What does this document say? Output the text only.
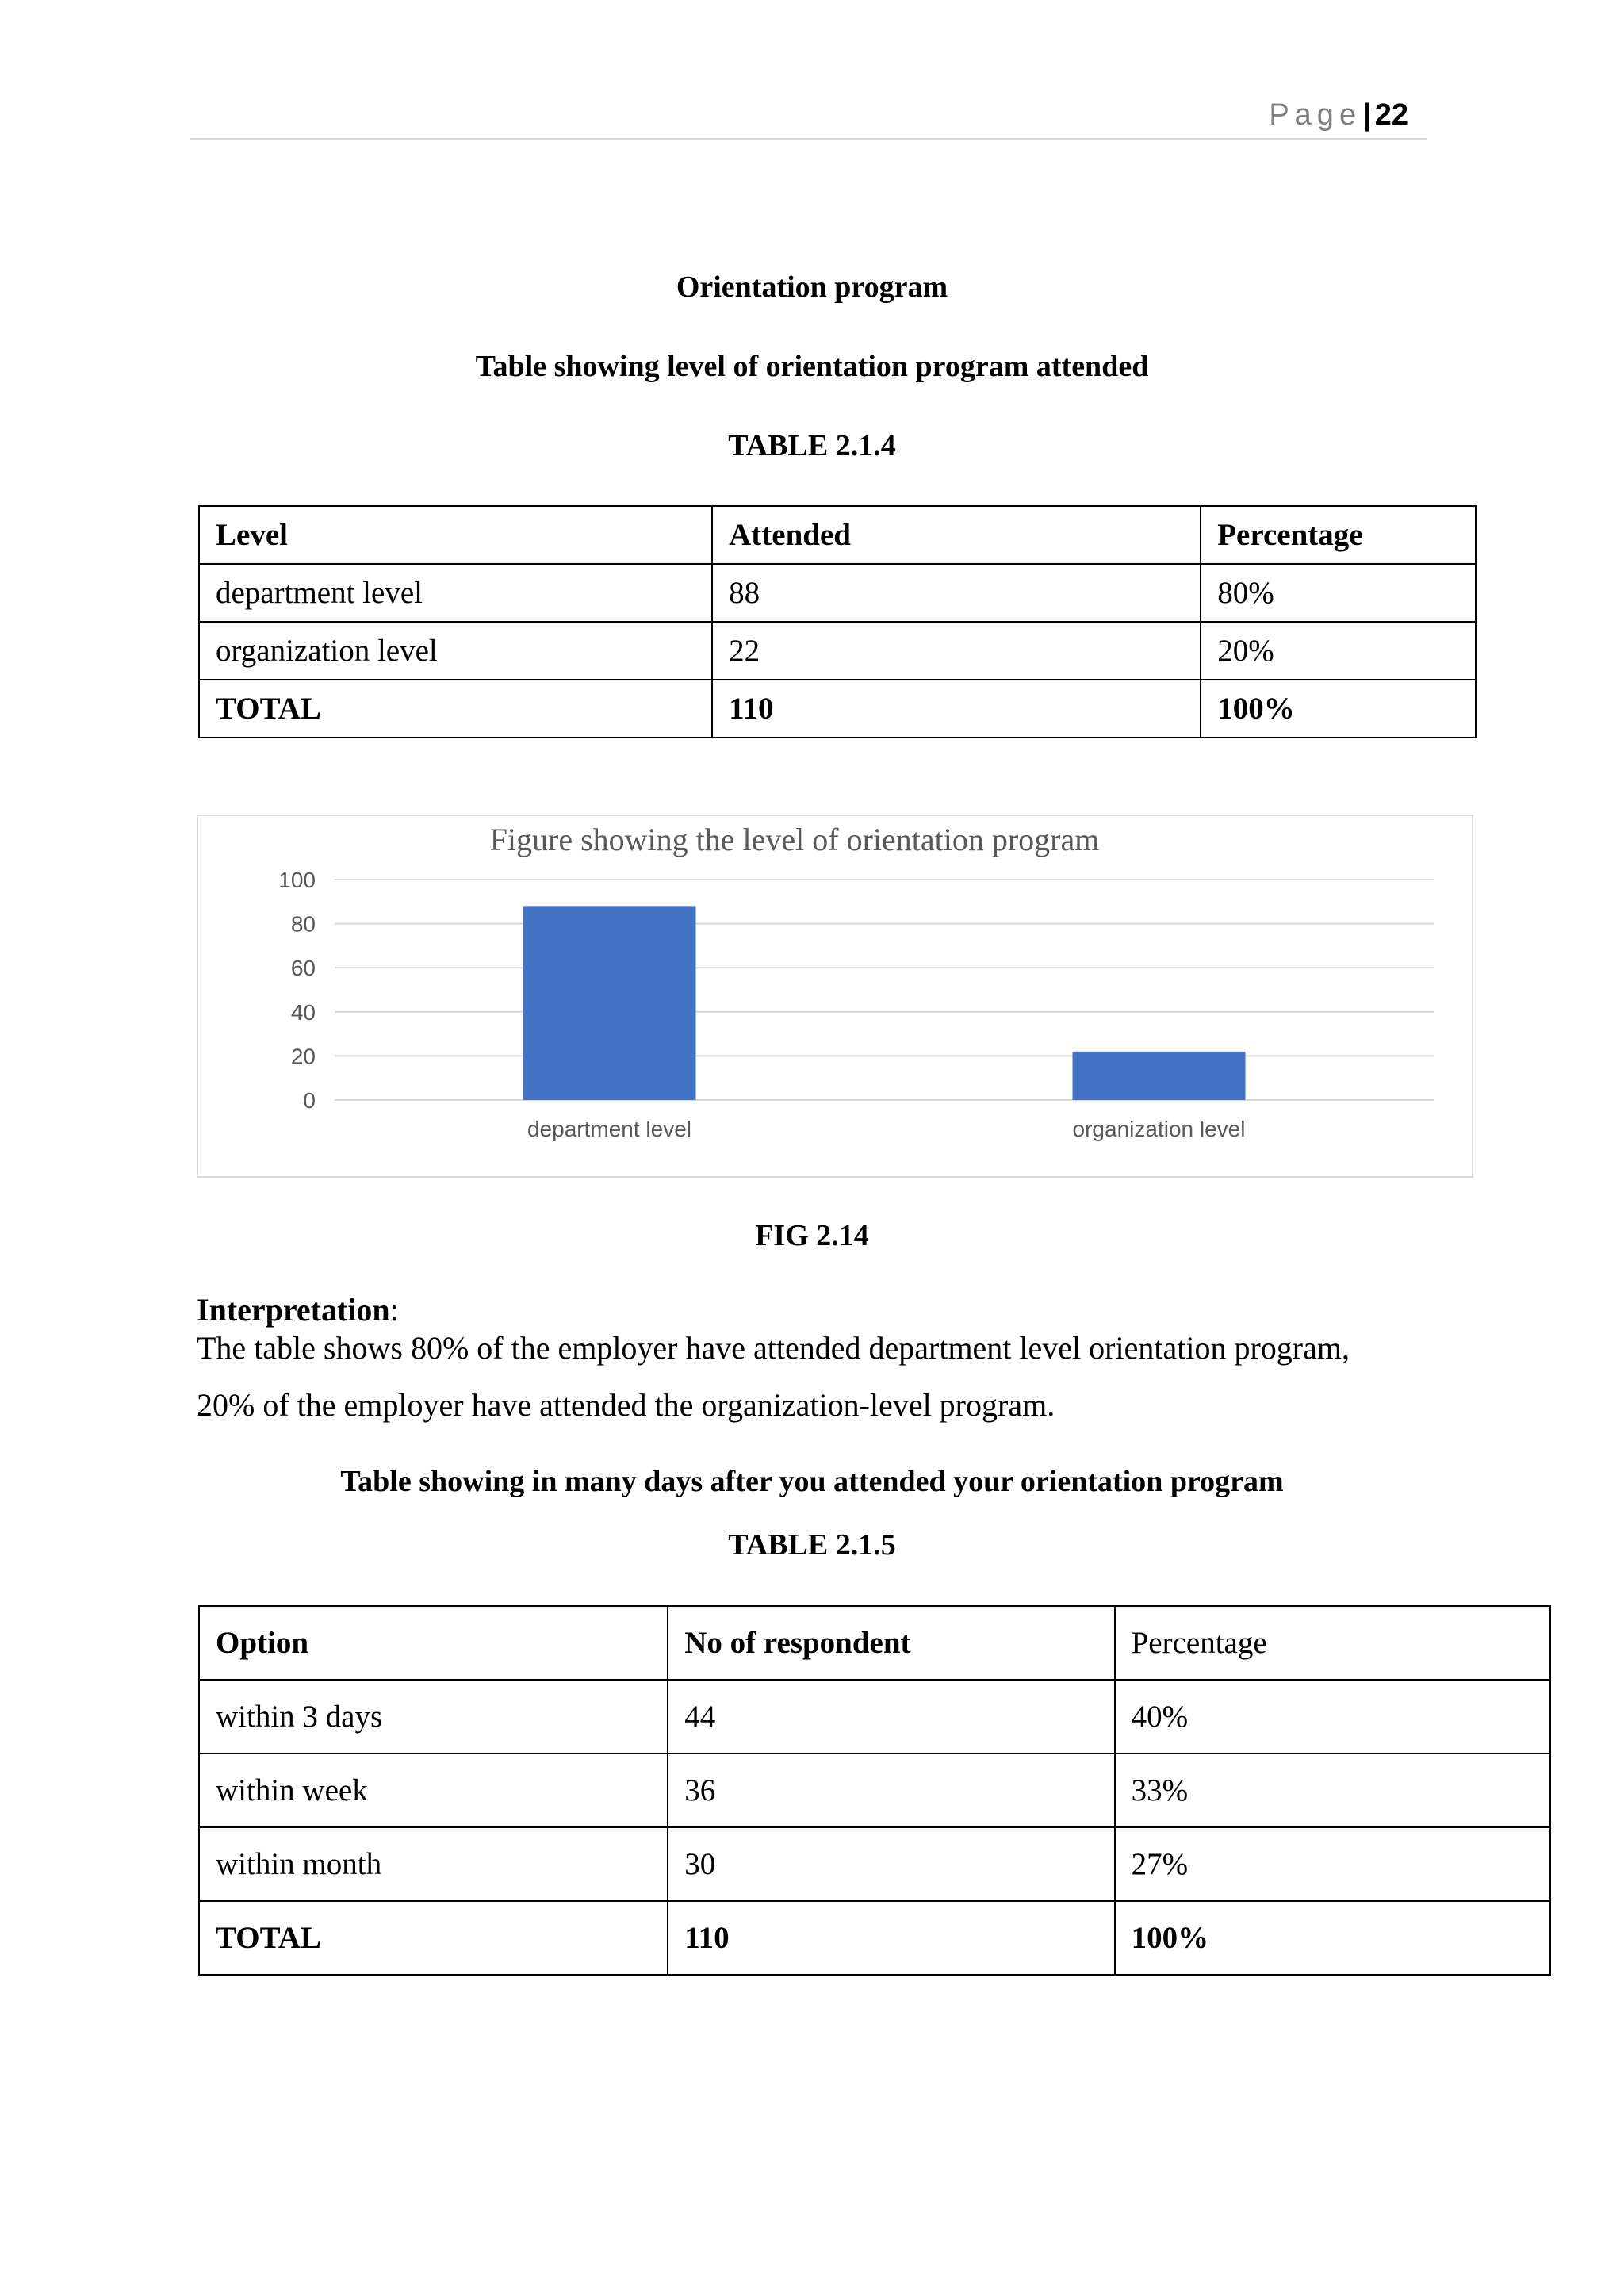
Page| 22
Orientation program
Table showing level of orientation program attended
TABLE 2.1.4
Level	Attended	Percentage
department level	88	80%
organization level	22	20%
TOTAL	110	100%
Figure showing the level of orientation program
0
20
40
60
80
100
department level	organization level
FIG 2.14
Interpretation:
The table shows 80% of the employer have attended department level orientation program,
20% of the employer have attended the organization-level program.
Table showing in many days after you attended your orientation program
TABLE 2.1.5
Option	No of respondent	Percentage
within 3 days	44	40%
within week	36	33%
within month	30	27%
TOTAL	110	100%
